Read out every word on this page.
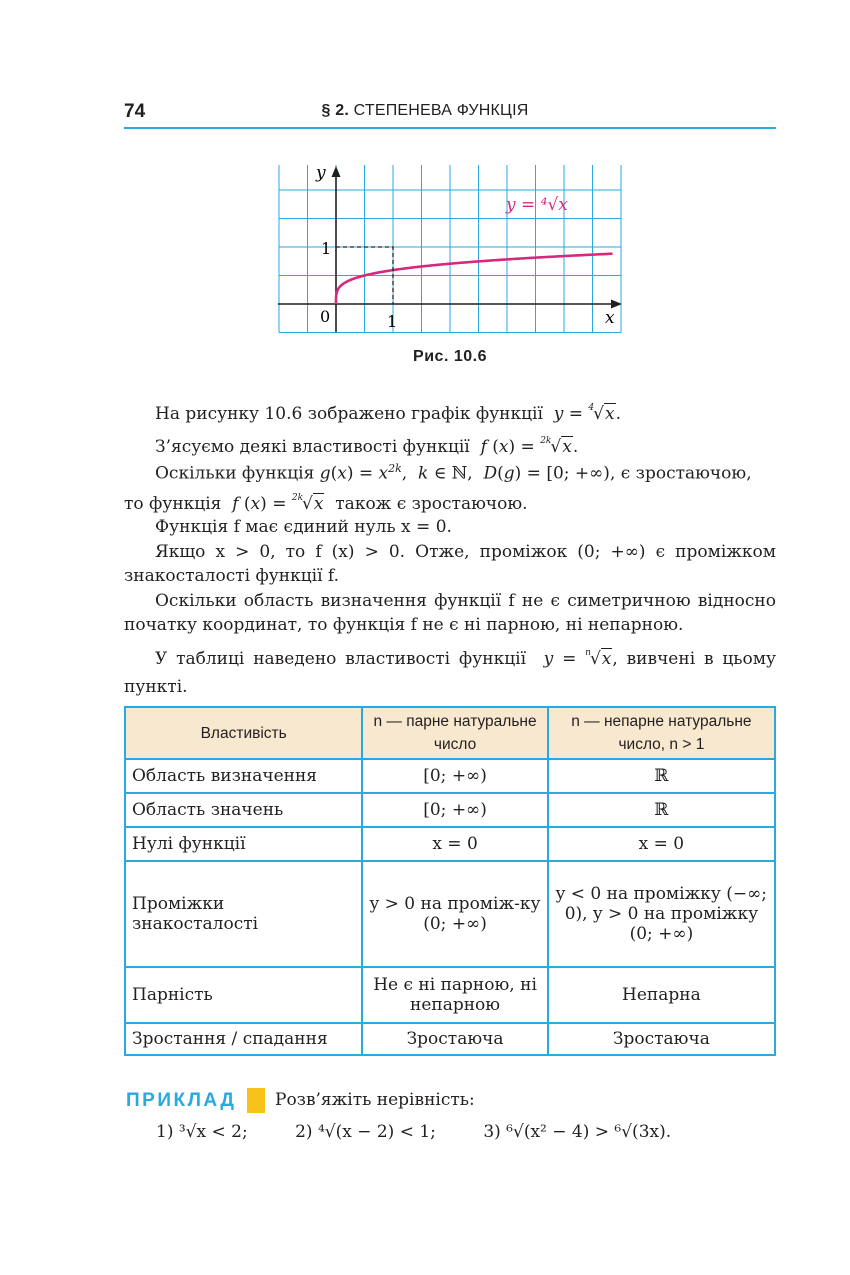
74	§ 2. СТЕПЕНЕВА ФУНКЦІЯ
y
x
0	1
1
y = ⁴√x
Рис. 10.6
На рисунку 10.6 зображено графік функції y = $^4$√x.
З’ясуємо деякі властивості функції f (x) = $^{2k}$√x.
Оскільки функція $g(x) = x^{2k}$,  k ∈ ℕ,  D(g) = [0; +∞), є зростаючою,
то функція f (x) = $^{2k}$√x також є зростаючою.
Функція f має єдиний нуль x = 0.
Якщо x > 0, то f (x) > 0. Отже, проміжок (0; +∞) є проміжком знакосталості функції f.
Оскільки область визначення функції f не є симетричною відносно початку координат, то функція f не є ні парною, ні непарною.
У таблиці наведено властивості функції y = $^n$√x, вивчені в цьому пункті.
Властивість	n — парне натуральне число	n — непарне натуральне число, n > 1
Область визначення	[0; +∞)	ℝ
Область значень	[0; +∞)	ℝ
Нулі функції	x = 0	x = 0
Проміжки знакосталості	y > 0 на проміж-ку (0; +∞)	y < 0 на проміжку (−∞; 0), y > 0 на проміжку (0; +∞)
Парність	Не є ні парною, ні непарною	Непарна
Зростання / спадання	Зростаюча	Зростаюча
ПРИКЛАД Розв’яжіть нерівність:
1) ³√x < 2;	2) ⁴√(x − 2) < 1;	3) ⁶√(x² − 4) > ⁶√(3x).
